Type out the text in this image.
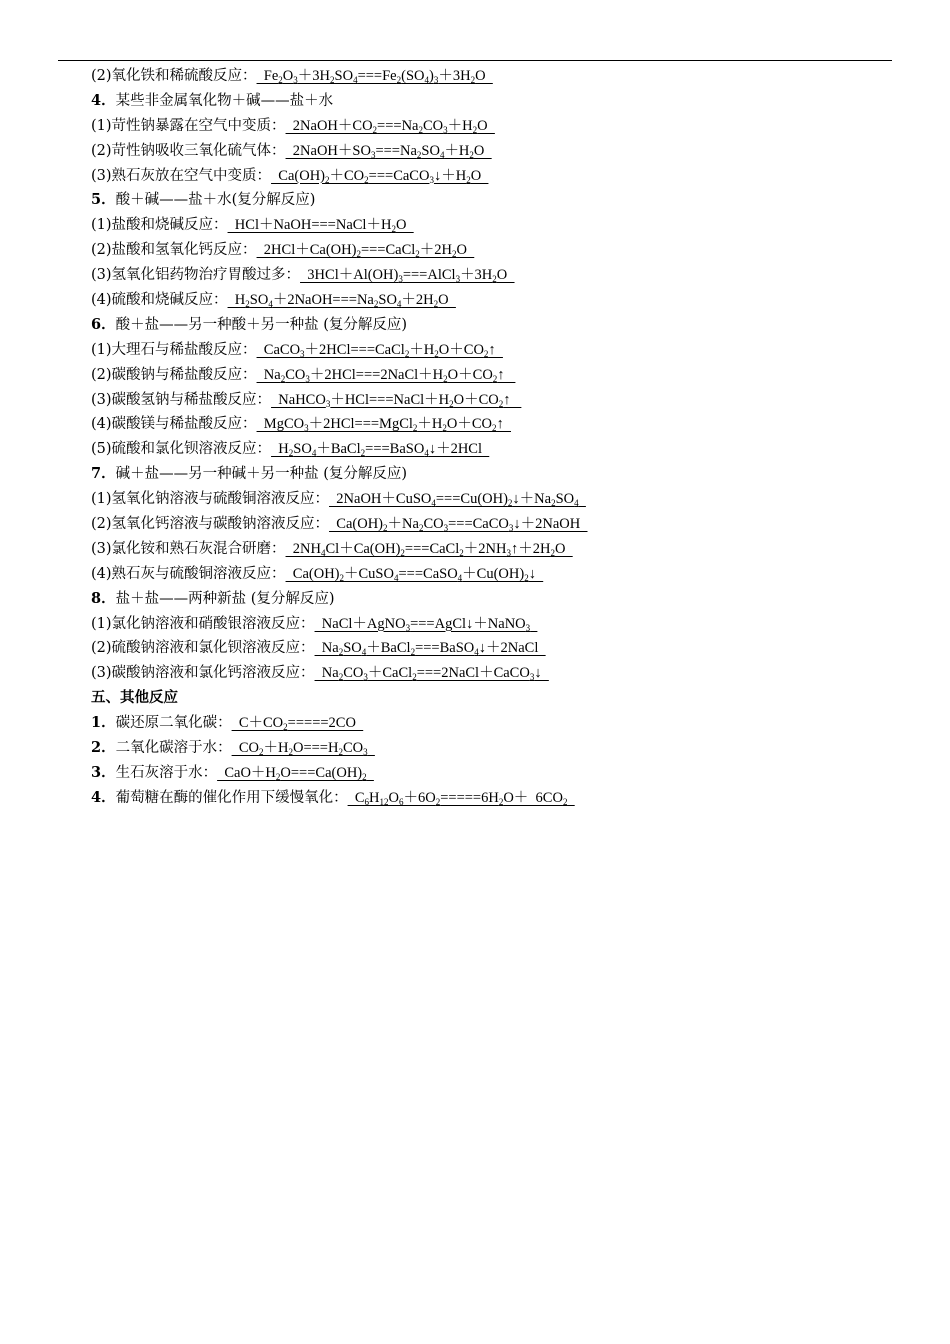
(2)氧化铁和稀硫酸反应：  $Fe_2O_3+3H_2SO_4===Fe_2(SO_4)_3+3H_2O$
4．某些非金属氧化物＋碱——盐＋水
(1)苛性钠暴露在空气中变质：  $2NaOH+CO_2===Na_2CO_3+H_2O$
(2)苛性钠吸收三氧化硫气体：  $2NaOH+SO_3===Na_2SO_4+H_2O$
(3)熟石灰放在空气中变质：  $Ca(OH)_2+CO_2===CaCO_3↓+H_2O$
5．酸＋碱——盐＋水(复分解反应)
(1)盐酸和烧碱反应：  $HCl+NaOH===NaCl+H_2O$
(2)盐酸和氢氧化钙反应：  $2HCl+Ca(OH)_2===CaCl_2+2H_2O$
(3)氢氧化铝药物治疗胃酸过多：  $3HCl+Al(OH)_3===AlCl_3+3H_2O$
(4)硫酸和烧碱反应：  $H_2SO_4+2NaOH===Na_2SO_4+2H_2O$
6．酸＋盐——另一种酸＋另一种盐 (复分解反应)
(1)大理石与稀盐酸反应：  $CaCO_3+2HCl===CaCl_2+H_2O+CO_2↑$
(2)碳酸钠与稀盐酸反应：  $Na_2CO_3+2HCl===2NaCl+H_2O+CO_2↑$
(3)碳酸氢钠与稀盐酸反应：  $NaHCO_3+HCl===NaCl+H_2O+CO_2↑$
(4)碳酸镁与稀盐酸反应：  $MgCO_3+2HCl===MgCl_2+H_2O+CO_2↑$
(5)硫酸和氯化钡溶液反应：  $H_2SO_4+BaCl_2===BaSO_4↓+2HCl$
7．碱＋盐——另一种碱＋另一种盐 (复分解反应)
(1)氢氧化钠溶液与硫酸铜溶液反应：  $2NaOH+CuSO_4===Cu(OH)_2↓+Na_2SO_4$
(2)氢氧化钙溶液与碳酸钠溶液反应：  $Ca(OH)_2+Na_2CO_3===CaCO_3↓+2NaOH$
(3)氯化铵和熟石灰混合研磨：  $2NH_4Cl+Ca(OH)_2===CaCl_2+2NH_3↑+2H_2O$
(4)熟石灰与硫酸铜溶液反应：  $Ca(OH)_2+CuSO_4===CaSO_4+Cu(OH)_2↓$
8．盐＋盐——两种新盐 (复分解反应)
(1)氯化钠溶液和硝酸银溶液反应：  NaCl＋AgNO$_3$===AgCl↓＋NaNO$_3$
(2)硫酸钠溶液和氯化钡溶液反应：  $Na_2SO_4+BaCl_2===BaSO_4↓+2NaCl$
(3)碳酸钠溶液和氯化钙溶液反应：  $Na_2CO_3+CaCl_2===2NaCl+CaCO_3↓$
五、其他反应
1．碳还原二氧化碳：  $C+CO_2=====2CO$
2．二氧化碳溶于水：  $CO_2+H_2O===H_2CO_3$
3．生石灰溶于水：  $CaO+H_2O===Ca(OH)_2$
4．葡萄糖在酶的催化作用下缓慢氧化：  $C_6H_{12}O_6+6O_2=====6H_2O+ 6CO_2$
